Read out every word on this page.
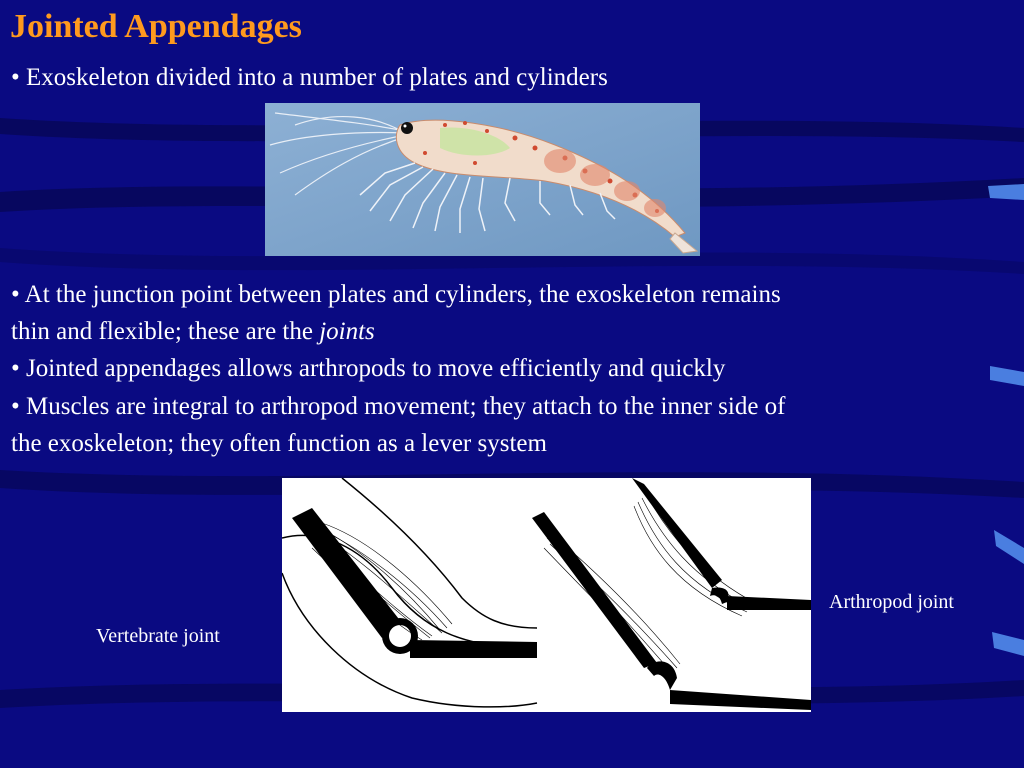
Jointed Appendages
• Exoskeleton divided into a number of plates and cylinders
• At the junction point between plates and cylinders, the exoskeleton remains
thin and flexible; these are the joints
• Jointed appendages allows arthropods to move efficiently and quickly
• Muscles are integral to arthropod movement; they attach to the inner side of
the exoskeleton; they often function as a lever system
Vertebrate joint
Arthropod joint
